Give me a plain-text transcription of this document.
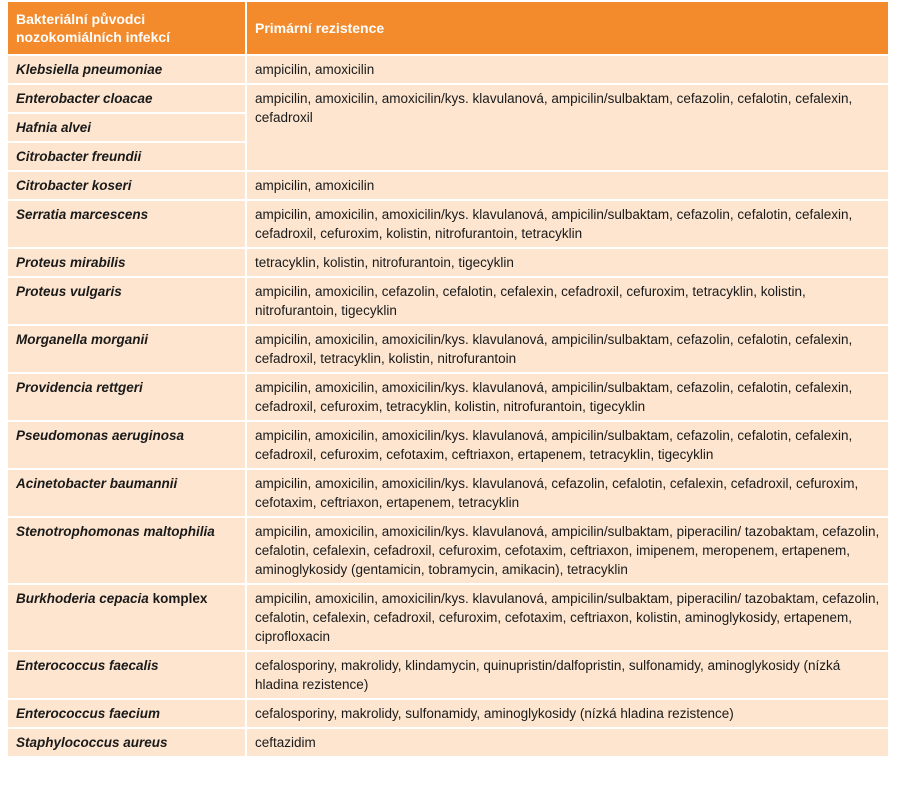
Bakteriální původci nozokomiálních infekcí	Primární rezistence
Klebsiella pneumoniae	ampicilin, amoxicilin
Enterobacter cloacae	ampicilin, amoxicilin, amoxicilin/kys. klavulanová, ampicilin/sulbaktam, cefazolin, cefalotin, cefalexin, cefadroxil
Hafnia alvei	
Citrobacter freundii	
Citrobacter koseri	ampicilin, amoxicilin
Serratia marcescens	ampicilin, amoxicilin, amoxicilin/kys. klavulanová, ampicilin/sulbaktam, cefazolin, cefalotin, cefalexin, cefadroxil, cefuroxim, kolistin, nitrofurantoin, tetracyklin
Proteus mirabilis	tetracyklin, kolistin, nitrofurantoin, tigecyklin
Proteus vulgaris	ampicilin, amoxicilin, cefazolin, cefalotin, cefalexin, cefadroxil, cefuroxim, tetracyklin, kolistin, nitrofurantoin, tigecyklin
Morganella morganii	ampicilin, amoxicilin, amoxicilin/kys. klavulanová, ampicilin/sulbaktam, cefazolin, cefalotin, cefalexin, cefadroxil, tetracyklin, kolistin, nitrofurantoin
Providencia rettgeri	ampicilin, amoxicilin, amoxicilin/kys. klavulanová, ampicilin/sulbaktam, cefazolin, cefalotin, cefalexin, cefadroxil, cefuroxim, tetracyklin, kolistin, nitrofurantoin, tigecyklin
Pseudomonas aeruginosa	ampicilin, amoxicilin, amoxicilin/kys. klavulanová, ampicilin/sulbaktam, cefazolin, cefalotin, cefalexin, cefadroxil, cefuroxim, cefotaxim, ceftriaxon, ertapenem, tetracyklin, tigecyklin
Acinetobacter baumannii	ampicilin, amoxicilin, amoxicilin/kys. klavulanová, cefazolin, cefalotin, cefalexin, cefadroxil, cefuroxim, cefotaxim, ceftriaxon, ertapenem, tetracyklin
Stenotrophomonas maltophilia	ampicilin, amoxicilin, amoxicilin/kys. klavulanová, ampicilin/sulbaktam, piperacilin/ tazobaktam, cefazolin, cefalotin, cefalexin, cefadroxil, cefuroxim, cefotaxim, ceftriaxon, imipenem, meropenem, ertapenem, aminoglykosidy (gentamicin, tobramycin, amikacin), tetracyklin
Burkhoderia cepacia komplex	ampicilin, amoxicilin, amoxicilin/kys. klavulanová, ampicilin/sulbaktam, piperacilin/ tazobaktam, cefazolin, cefalotin, cefalexin, cefadroxil, cefuroxim, cefotaxim, ceftriaxon, kolistin, aminoglykosidy, ertapenem, ciprofloxacin
Enterococcus faecalis	cefalosporiny, makrolidy, klindamycin, quinupristin/dalfopristin, sulfonamidy, aminoglykosidy (nízká hladina rezistence)
Enterococcus faecium	cefalosporiny, makrolidy, sulfonamidy, aminoglykosidy (nízká hladina rezistence)
Staphylococcus aureus	ceftazidim
